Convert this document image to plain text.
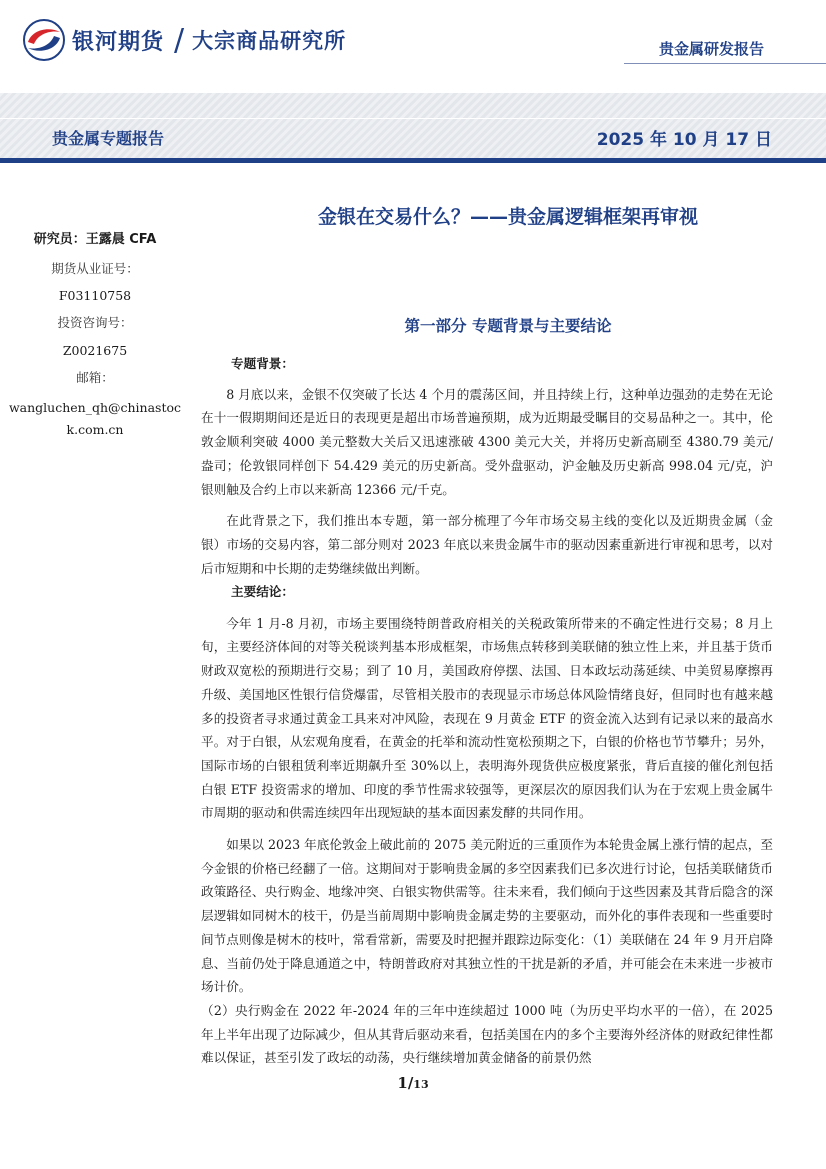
银河期货 / 大宗商品研究所	贵金属研发报告
贵金属专题报告	2025 年 10 月 17 日
研究员：王露晨 CFA
期货从业证号：
F03110758
投资咨询号：
Z0021675
邮箱：
wangluchen_qh@chinastock.com.cn
金银在交易什么？——贵金属逻辑框架再审视
第一部分 专题背景与主要结论
专题背景：

8 月底以来，金银不仅突破了长达 4 个月的震荡区间，并且持续上行，这种单边强劲的走势在无论在十一假期期间还是近日的表现更是超出市场普遍预期，成为近期最受瞩目的交易品种之一。其中，伦敦金顺利突破 4000 美元整数大关后又迅速涨破 4300 美元大关，并将历史新高刷至 4380.79 美元/盎司；伦敦银同样创下 54.429 美元的历史新高。受外盘驱动，沪金触及历史新高 998.04 元/克，沪银则触及合约上市以来新高 12366 元/千克。

在此背景之下，我们推出本专题，第一部分梳理了今年市场交易主线的变化以及近期贵金属（金银）市场的交易内容，第二部分则对 2023 年底以来贵金属牛市的驱动因素重新进行审视和思考，以对后市短期和中长期的走势继续做出判断。

主要结论：

今年 1 月-8 月初，市场主要围绕特朗普政府相关的关税政策所带来的不确定性进行交易；8 月上旬，主要经济体间的对等关税谈判基本形成框架，市场焦点转移到美联储的独立性上来，并且基于货币财政双宽松的预期进行交易；到了 10 月，美国政府停摆、法国、日本政坛动荡延续、中美贸易摩擦再升级、美国地区性银行信贷爆雷，尽管相关股市的表现显示市场总体风险情绪良好，但同时也有越来越多的投资者寻求通过黄金工具来对冲风险，表现在 9 月黄金 ETF 的资金流入达到有记录以来的最高水平。对于白银，从宏观角度看，在黄金的托举和流动性宽松预期之下，白银的价格也节节攀升；另外，国际市场的白银租赁利率近期飙升至 30%以上，表明海外现货供应极度紧张，背后直接的催化剂包括白银 ETF 投资需求的增加、印度的季节性需求较强等，更深层次的原因我们认为在于宏观上贵金属牛市周期的驱动和供需连续四年出现短缺的基本面因素发酵的共同作用。

如果以 2023 年底伦敦金上破此前的 2075 美元附近的三重顶作为本轮贵金属上涨行情的起点，至今金银的价格已经翻了一倍。这期间对于影响贵金属的多空因素我们已多次进行讨论，包括美联储货币政策路径、央行购金、地缘冲突、白银实物供需等。往未来看，我们倾向于这些因素及其背后隐含的深层逻辑如同树木的枝干，仍是当前周期中影响贵金属走势的主要驱动，而外化的事件表现和一些重要时间节点则像是树木的枝叶，常看常新，需要及时把握并跟踪边际变化：（1）美联储在 24 年 9 月开启降息、当前仍处于降息通道之中，特朗普政府对其独立性的干扰是新的矛盾，并可能会在未来进一步被市场计价。

（2）央行购金在 2022 年-2024 年的三年中连续超过 1000 吨（为历史平均水平的一倍），在 2025 年上半年出现了边际减少，但从其背后驱动来看，包括美国在内的多个主要海外经济体的财政纪律性都难以保证，甚至引发了政坛的动荡，央行继续增加黄金储备的前景仍然

1/13
